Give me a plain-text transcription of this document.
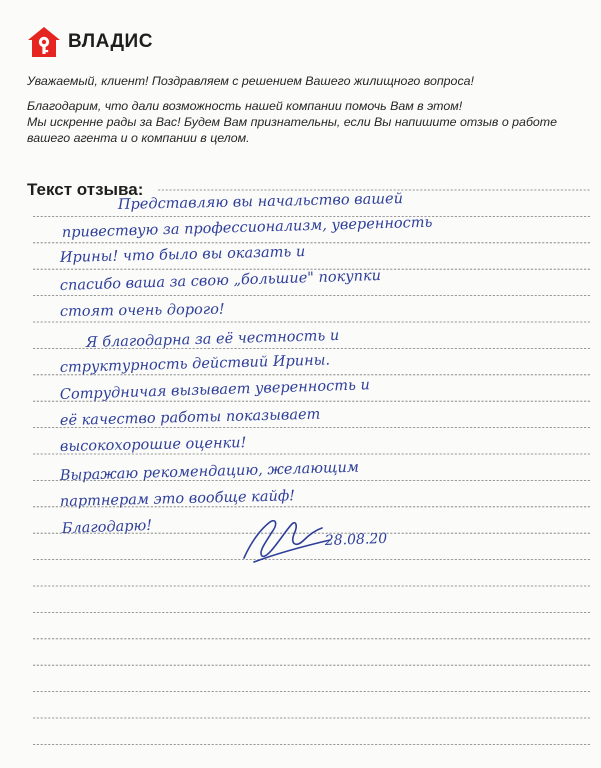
ВЛАДИС

Уважаемый, клиент! Поздравляем с решением Вашего жилищного вопроса!

Благодарим, что дали возможность нашей компании помочь Вам в этом!

Мы искренне рады за Вас! Будем Вам признательны, если Вы напишите отзыв о работе

вашего агента и о компании в целом.

Текст отзыва:
Представляю вы начальство вашей
привествую за профессионализм, уверенность
Ирины! что было вы оказать и
спасибо ваша за свою „большие" покупки
стоят очень дорого!
Я благодарна за её честность и
структурность действий Ирины.
Сотрудничая вызывает уверенность и
её качество работы показывает
высокохорошие оценки!
Выражаю рекомендацию, желающим
партнерам это вообще кайф!
Благодарю!
28.08.20
